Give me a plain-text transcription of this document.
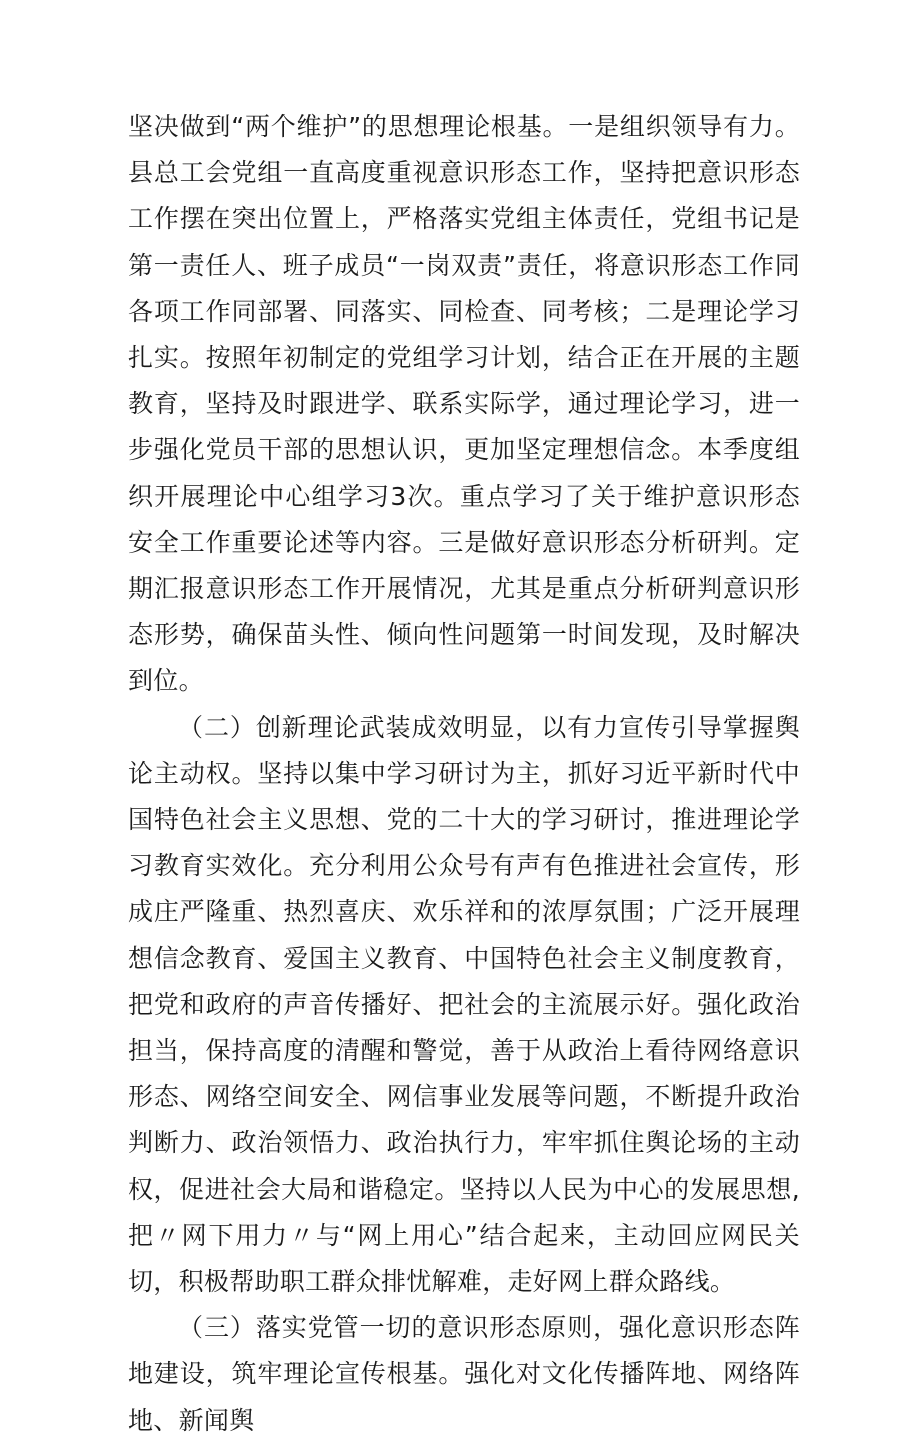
坚决做到“两个维护”的思想理论根基。一是组织领导有力。县总工会党组一直高度重视意识形态工作，坚持把意识形态工作摆在突出位置上，严格落实党组主体责任，党组书记是第一责任人、班子成员“一岗双责”责任，将意识形态工作同各项工作同部署、同落实、同检查、同考核；二是理论学习扎实。按照年初制定的党组学习计划，结合正在开展的主题教育，坚持及时跟进学、联系实际学，通过理论学习，进一步强化党员干部的思想认识，更加坚定理想信念。本季度组织开展理论中心组学习3次。重点学习了关于维护意识形态安全工作重要论述等内容。三是做好意识形态分析研判。定期汇报意识形态工作开展情况，尤其是重点分析研判意识形态形势，确保苗头性、倾向性问题第一时间发现，及时解决到位。

（二）创新理论武装成效明显，以有力宣传引导掌握舆论主动权。坚持以集中学习研讨为主，抓好习近平新时代中国特色社会主义思想、党的二十大的学习研讨，推进理论学习教育实效化。充分利用公众号有声有色推进社会宣传，形成庄严隆重、热烈喜庆、欢乐祥和的浓厚氛围；广泛开展理想信念教育、爱国主义教育、中国特色社会主义制度教育，把党和政府的声音传播好、把社会的主流展示好。强化政治担当，保持高度的清醒和警觉，善于从政治上看待网络意识形态、网络空间安全、网信事业发展等问题，不断提升政治判断力、政治领悟力、政治执行力，牢牢抓住舆论场的主动权，促进社会大局和谐稳定。坚持以人民为中心的发展思想,把〃网下用力〃与“网上用心”结合起来，主动回应网民关切，积极帮助职工群众排忧解难，走好网上群众路线。

（三）落实党管一切的意识形态原则，强化意识形态阵地建设，筑牢理论宣传根基。强化对文化传播阵地、网络阵地、新闻舆
